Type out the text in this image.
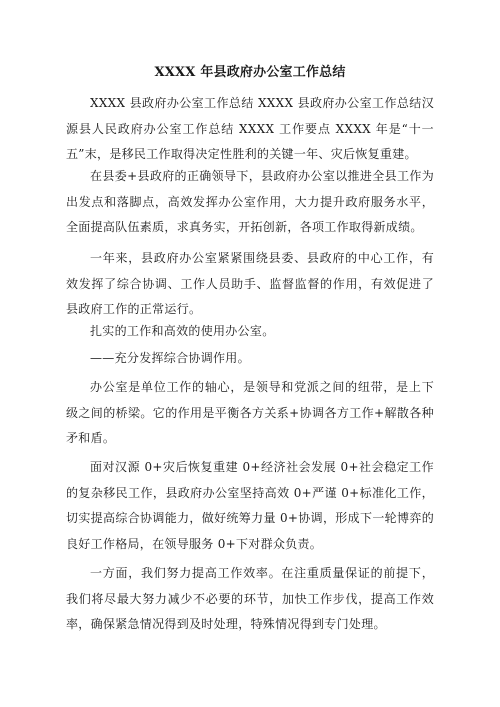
XXXX 年县政府办公室工作总结

XXXX 县政府办公室工作总结 XXXX 县政府办公室工作总结汉源县人民政府办公室工作总结 XXXX 工作要点 XXXX 年是“十一五”末，是移民工作取得决定性胜利的关键一年、灾后恢复重建。

在县委+县政府的正确领导下，县政府办公室以推进全县工作为出发点和落脚点，高效发挥办公室作用，大力提升政府服务水平，全面提高队伍素质，求真务实，开拓创新，各项工作取得新成绩。

一年来，县政府办公室紧紧围绕县委、县政府的中心工作，有效发挥了综合协调、工作人员助手、监督监督的作用，有效促进了县政府工作的正常运行。

扎实的工作和高效的使用办公室。

——充分发挥综合协调作用。

办公室是单位工作的轴心，是领导和党派之间的纽带，是上下级之间的桥梁。它的作用是平衡各方关系+协调各方工作+解散各种矛和盾。

面对汉源 0+灾后恢复重建 0+经济社会发展 0+社会稳定工作的复杂移民工作，县政府办公室坚持高效 0+严谨 0+标准化工作，切实提高综合协调能力，做好统筹力量 0+协调，形成下一轮博弈的良好工作格局，在领导服务 0+下对群众负责。

一方面，我们努力提高工作效率。在注重质量保证的前提下，我们将尽最大努力减少不必要的环节，加快工作步伐，提高工作效率，确保紧急情况得到及时处理，特殊情况得到专门处理。
